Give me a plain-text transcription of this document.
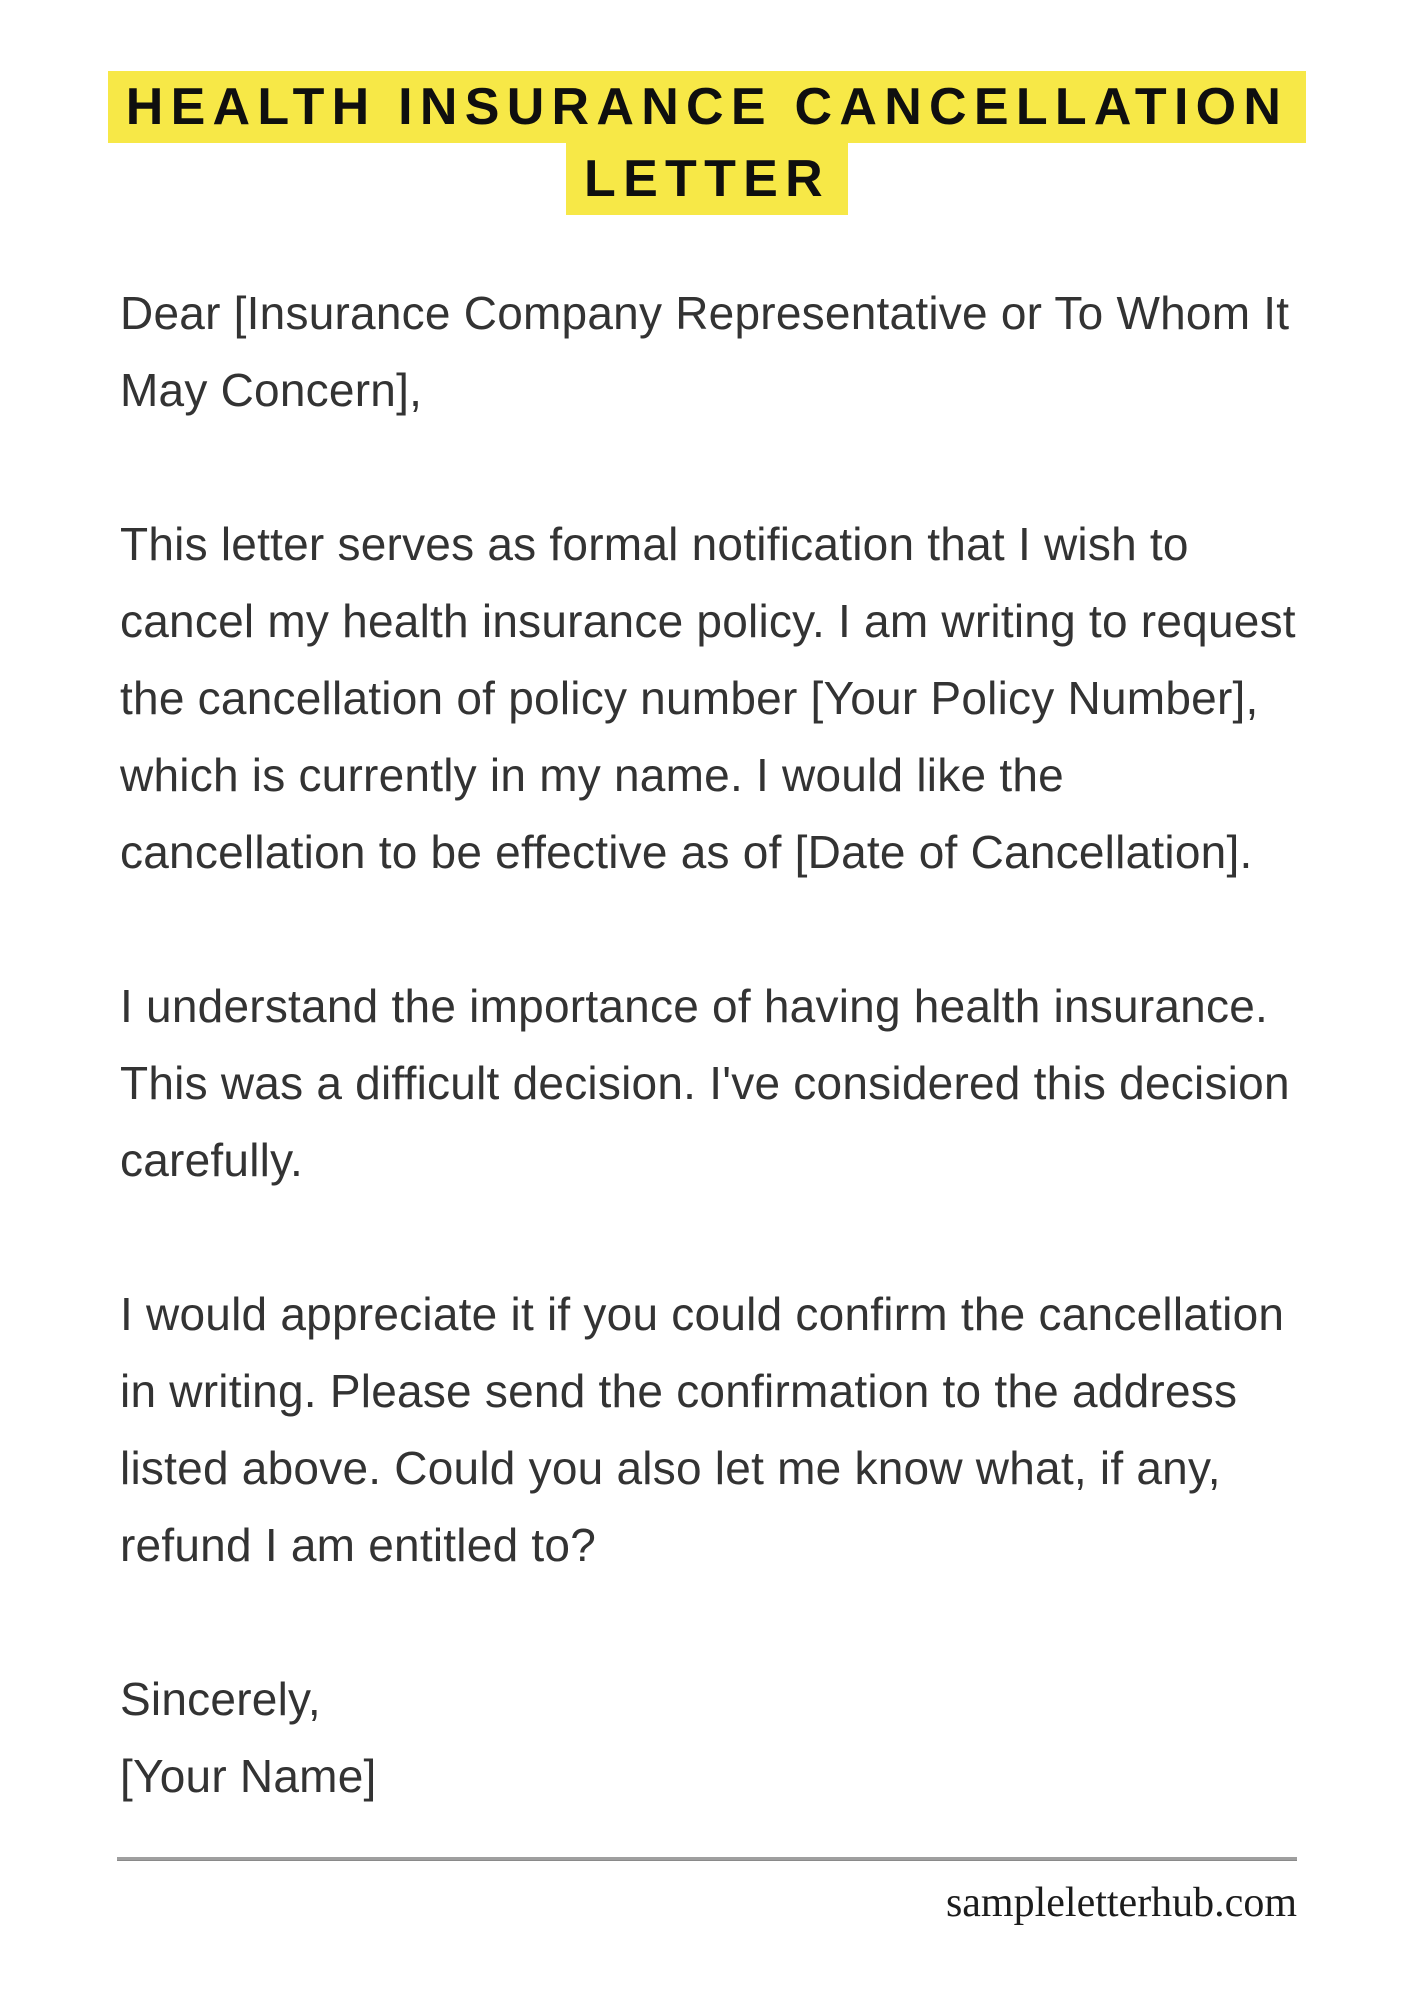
HEALTH INSURANCE CANCELLATION
LETTER

Dear [Insurance Company Representative or To Whom It
May Concern],

This letter serves as formal notification that I wish to
cancel my health insurance policy. I am writing to request
the cancellation of policy number [Your Policy Number],
which is currently in my name. I would like the
cancellation to be effective as of [Date of Cancellation].

I understand the importance of having health insurance.
This was a difficult decision. I've considered this decision
carefully.

I would appreciate it if you could confirm the cancellation
in writing. Please send the confirmation to the address
listed above. Could you also let me know what, if any,
refund I am entitled to?

Sincerely,
[Your Name]

sampleletterhub.com
